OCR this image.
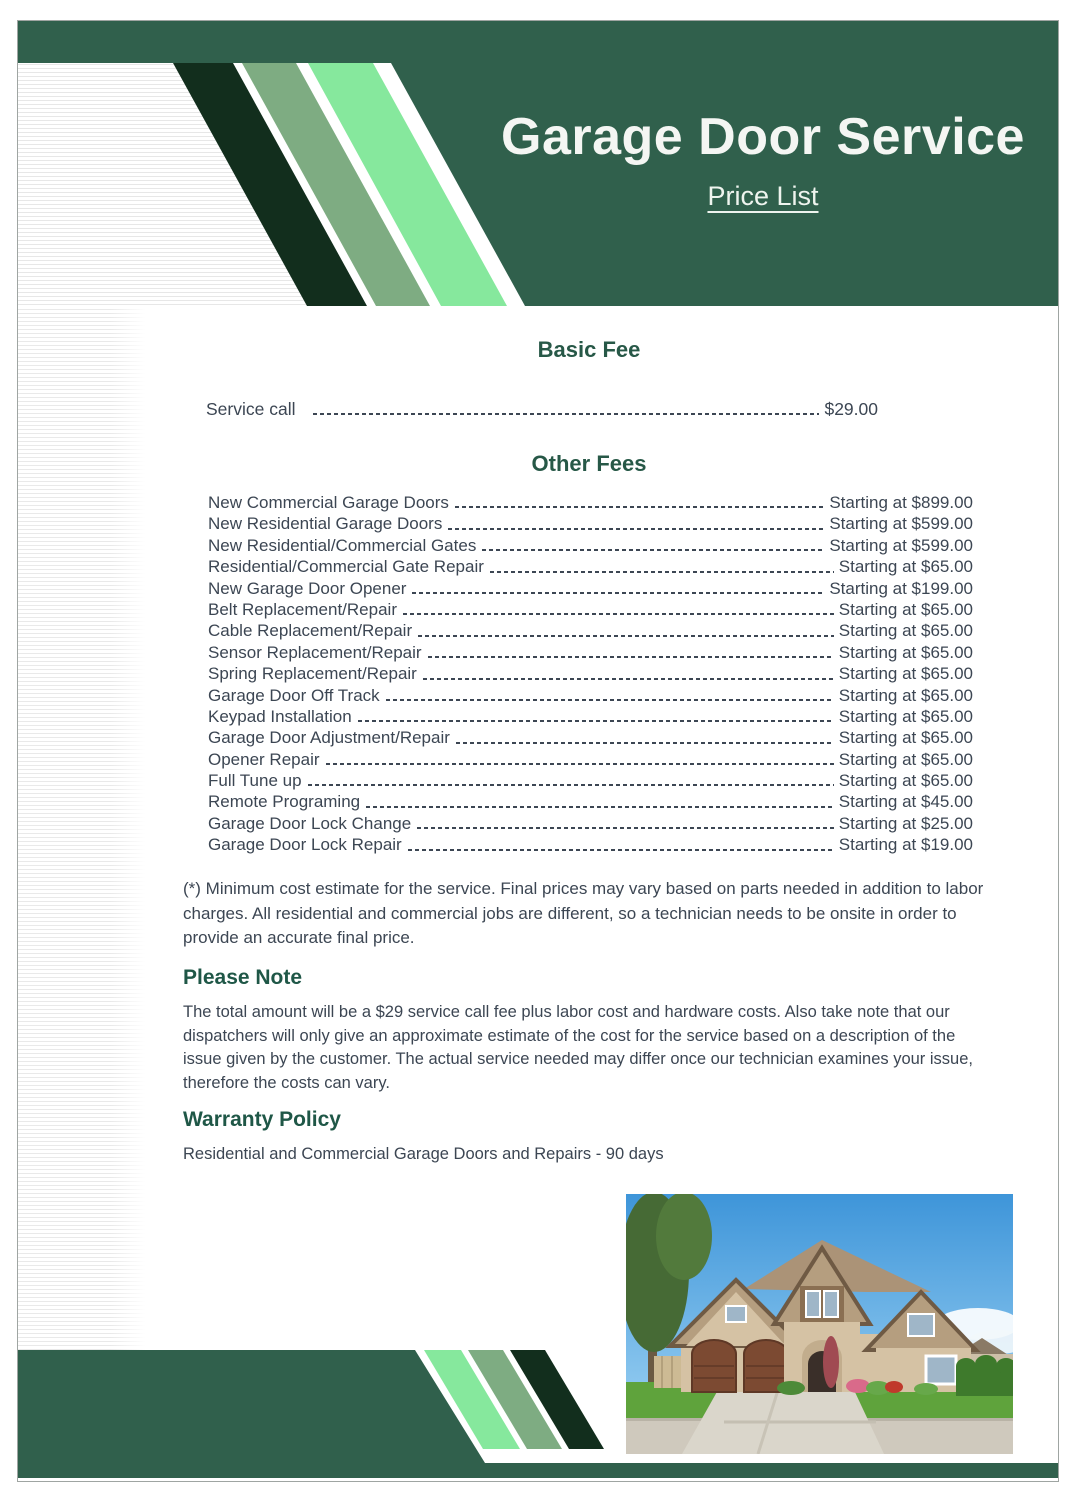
Garage Door Service
Price List
Basic Fee
Service call	$29.00
Other Fees
New Commercial Garage Doors	Starting at $899.00
New Residential Garage Doors	Starting at $599.00
New Residential/Commercial Gates	Starting at $599.00
Residential/Commercial Gate Repair	Starting at $65.00
New Garage Door Opener	Starting at $199.00
Belt Replacement/Repair	Starting at $65.00
Cable Replacement/Repair	Starting at $65.00
Sensor Replacement/Repair	Starting at $65.00
Spring Replacement/Repair	Starting at $65.00
Garage Door Off Track	Starting at $65.00
Keypad Installation	Starting at $65.00
Garage Door Adjustment/Repair	Starting at $65.00
Opener Repair	Starting at $65.00
Full Tune up	Starting at $65.00
Remote Programing	Starting at $45.00
Garage Door Lock Change	Starting at $25.00
Garage Door Lock Repair	Starting at $19.00
(*) Minimum cost estimate for the service. Final prices may vary based on parts needed in addition to labor charges. All residential and commercial jobs are different, so a technician needs to be onsite in order to provide an accurate final price.
Please Note
The total amount will be a $29 service call fee plus labor cost and hardware costs. Also take note that our dispatchers will only give an approximate estimate of the cost for the service based on a description of the issue given by the customer. The actual service needed may differ once our technician examines your issue, therefore the costs can vary.
Warranty Policy
Residential and Commercial Garage Doors and Repairs - 90 days
